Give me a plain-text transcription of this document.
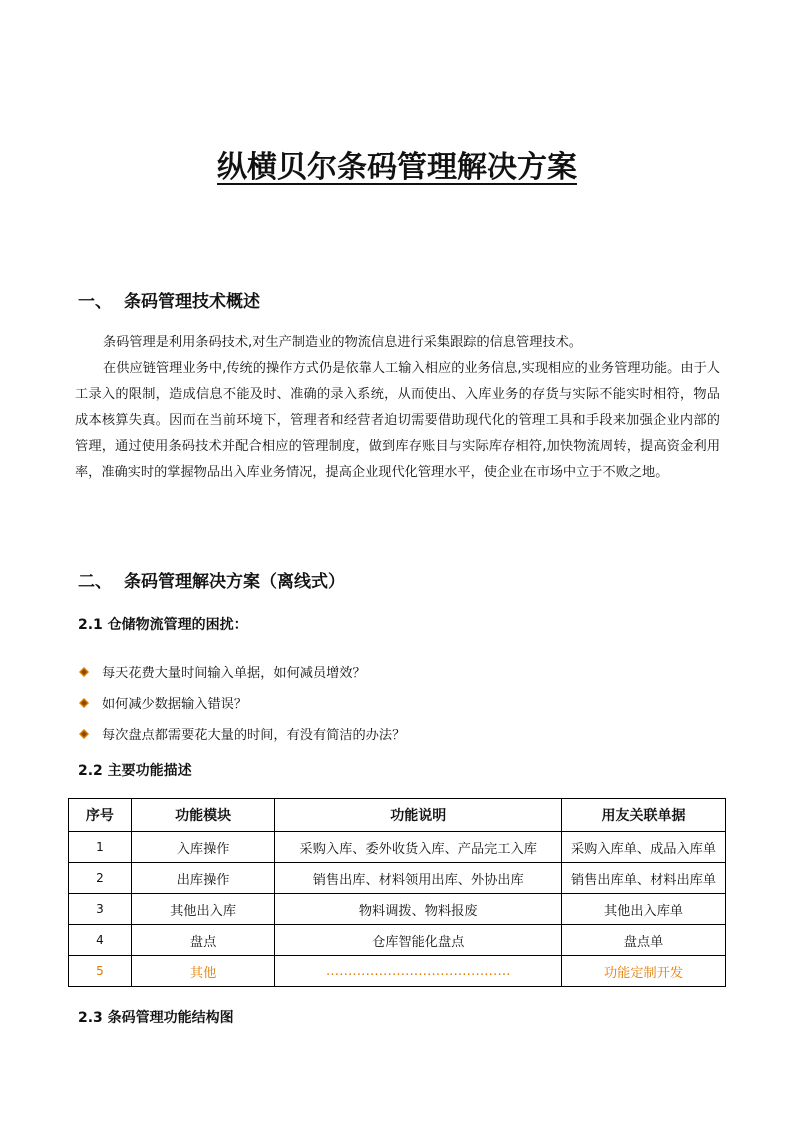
纵横贝尔条码管理解决方案
一、 条码管理技术概述

条码管理是利用条码技术,对生产制造业的物流信息进行采集跟踪的信息管理技术。

在供应链管理业务中,传统的操作方式仍是依靠人工输入相应的业务信息,实现相应的业务管理功能。由于人工录入的限制，造成信息不能及时、准确的录入系统，从而使出、入库业务的存货与实际不能实时相符，物品成本核算失真。因而在当前环境下，管理者和经营者迫切需要借助现代化的管理工具和手段来加强企业内部的管理，通过使用条码技术并配合相应的管理制度，做到库存账目与实际库存相符,加快物流周转，提高资金利用率，准确实时的掌握物品出入库业务情况，提高企业现代化管理水平，使企业在市场中立于不败之地。

二、 条码管理解决方案（离线式）
2.1 仓储物流管理的困扰：
每天花费大量时间输入单据，如何减员增效？
如何减少数据输入错误？
每次盘点都需要花大量的时间，有没有简洁的办法？
2.2 主要功能描述
序号	功能模块	功能说明	用友关联单据
1	入库操作	采购入库、委外收货入库、产品完工入库	采购入库单、成品入库单
2	出库操作	销售出库、材料领用出库、外协出库	销售出库单、材料出库单
3	其他出入库	物料调拨、物料报废	其他出入库单
4	盘点	仓库智能化盘点	盘点单
5	其他	……………………………………	功能定制开发
2.3 条码管理功能结构图
